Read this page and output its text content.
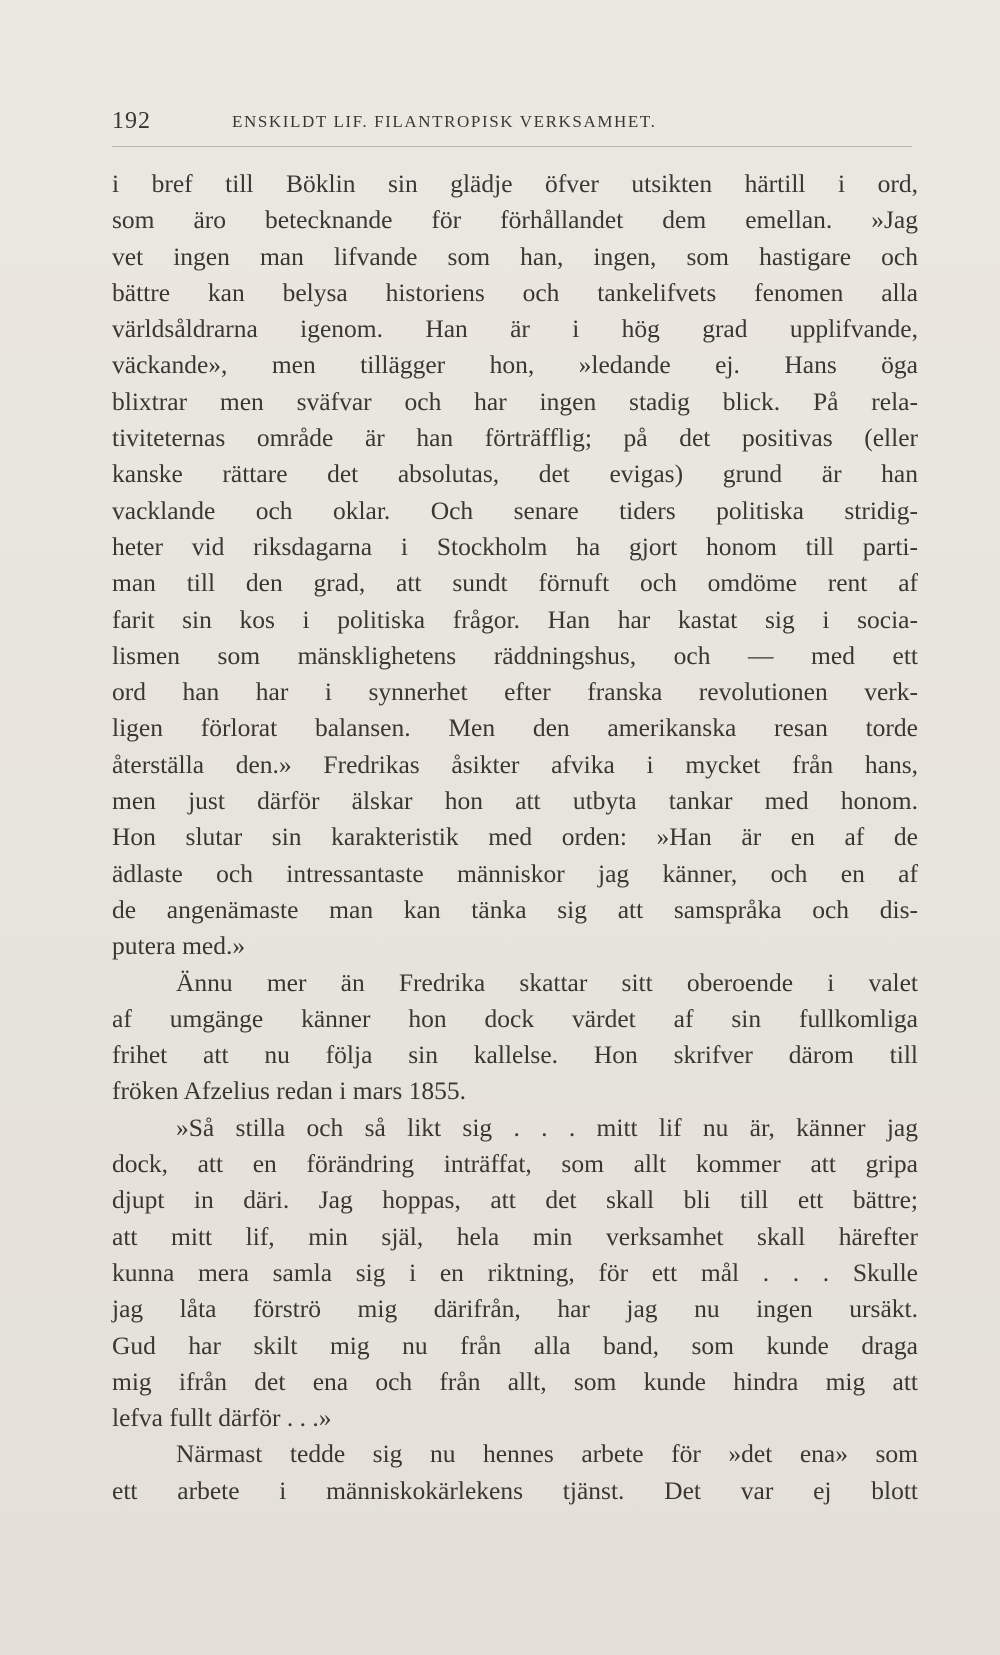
192	ENSKILDT LIF. FILANTROPISK VERKSAMHET.
i bref till Böklin sin glädje öfver utsikten härtill i ord,
som äro betecknande för förhållandet dem emellan. »Jag
vet ingen man lifvande som han, ingen, som hastigare och
bättre kan belysa historiens och tankelifvets fenomen alla
världsåldrarna igenom. Han är i hög grad upplifvande,
väckande», men tillägger hon, »ledande ej. Hans öga
blixtrar men sväfvar och har ingen stadig blick. På rela-
tiviteternas område är han förträfflig; på det positivas (eller
kanske rättare det absolutas, det evigas) grund är han
vacklande och oklar. Och senare tiders politiska stridig-
heter vid riksdagarna i Stockholm ha gjort honom till parti-
man till den grad, att sundt förnuft och omdöme rent af
farit sin kos i politiska frågor. Han har kastat sig i socia-
lismen som mänsklighetens räddningshus, och — med ett
ord han har i synnerhet efter franska revolutionen verk-
ligen förlorat balansen. Men den amerikanska resan torde
återställa den.» Fredrikas åsikter afvika i mycket från hans,
men just därför älskar hon att utbyta tankar med honom.
Hon slutar sin karakteristik med orden: »Han är en af de
ädlaste och intressantaste människor jag känner, och en af
de angenämaste man kan tänka sig att samspråka och dis-
putera med.»
Ännu mer än Fredrika skattar sitt oberoende i valet
af umgänge känner hon dock värdet af sin fullkomliga
frihet att nu följa sin kallelse. Hon skrifver därom till
fröken Afzelius redan i mars 1855.
»Så stilla och så likt sig . . . mitt lif nu är, känner jag
dock, att en förändring inträffat, som allt kommer att gripa
djupt in däri. Jag hoppas, att det skall bli till ett bättre;
att mitt lif, min själ, hela min verksamhet skall härefter
kunna mera samla sig i en riktning, för ett mål . . . Skulle
jag låta förströ mig därifrån, har jag nu ingen ursäkt.
Gud har skilt mig nu från alla band, som kunde draga
mig ifrån det ena och från allt, som kunde hindra mig att
lefva fullt därför . . .»
Närmast tedde sig nu hennes arbete för »det ena» som
ett arbete i människokärlekens tjänst. Det var ej blott
